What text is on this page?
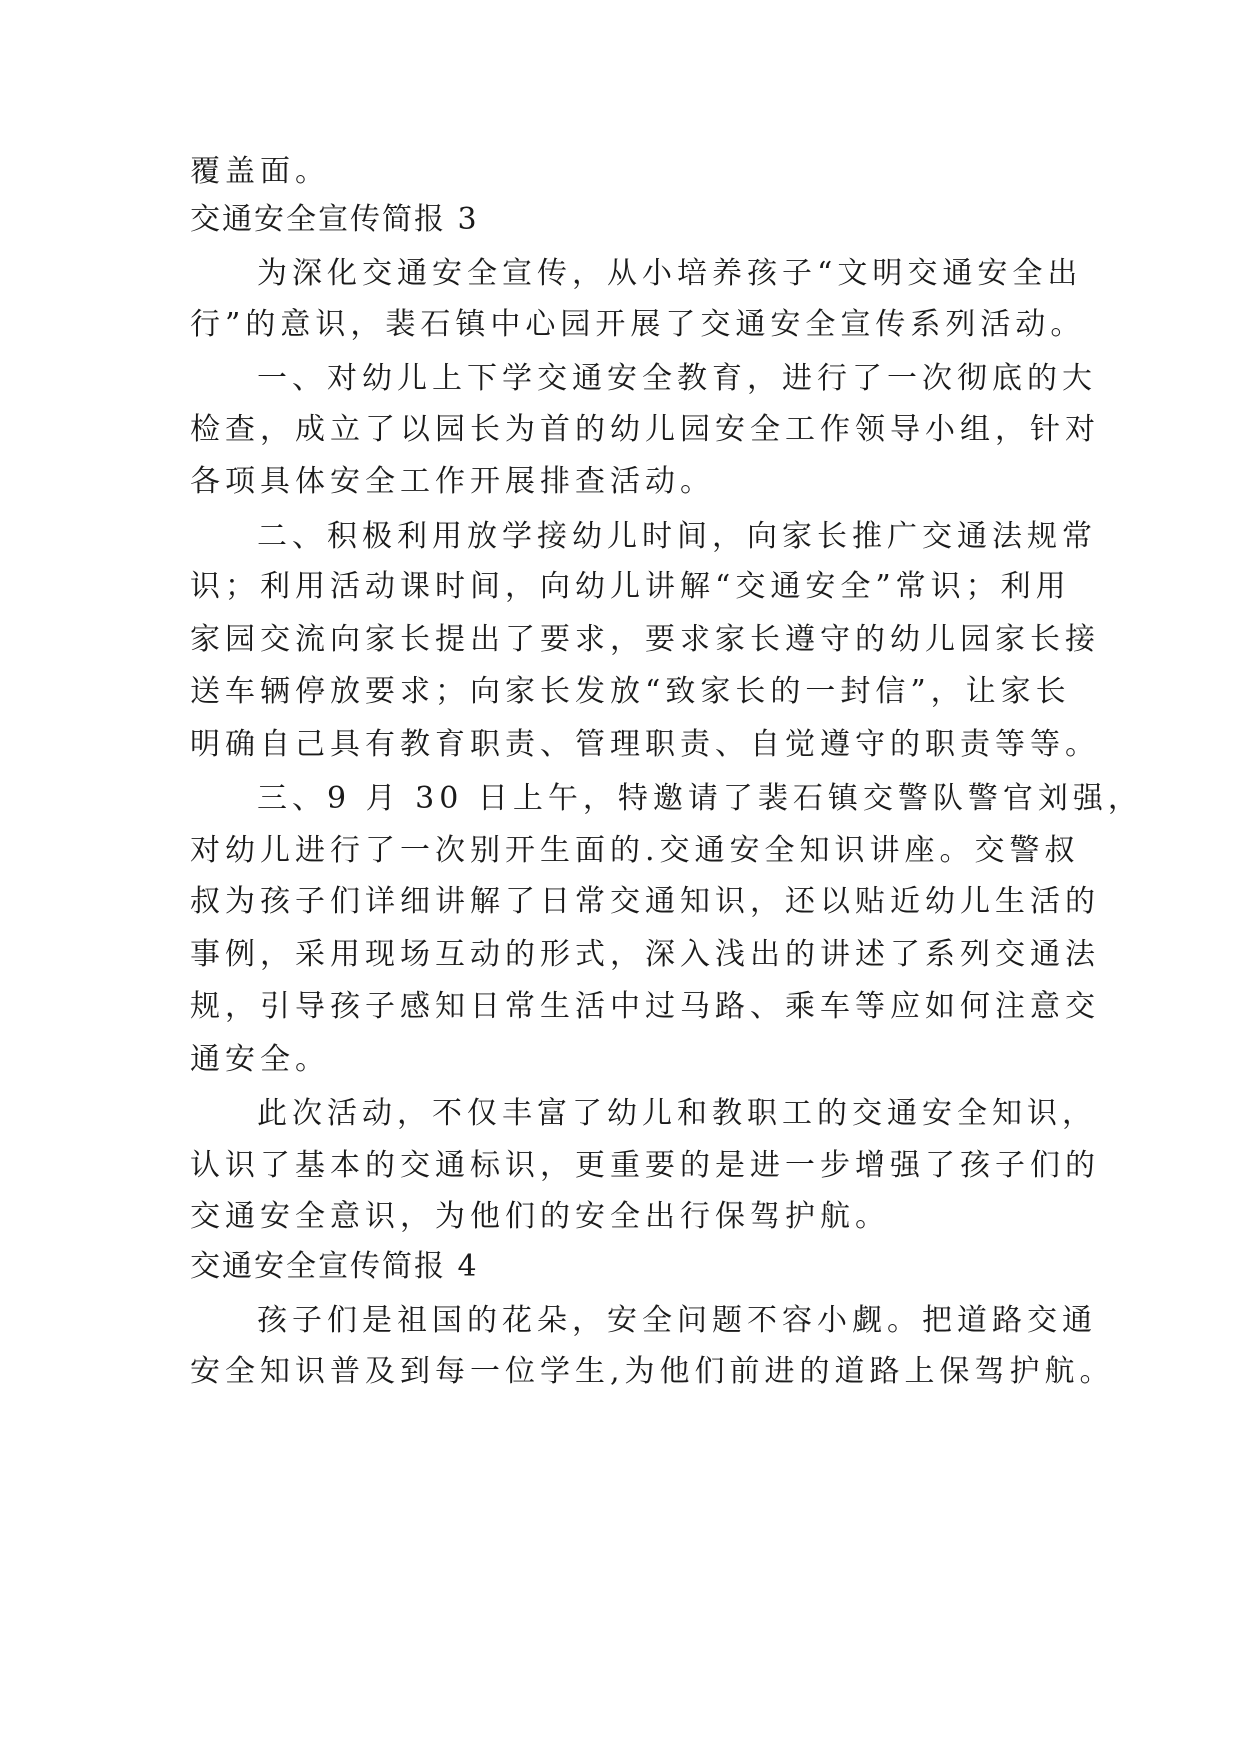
覆盖面。
交通安全宣传简报 3
为深化交通安全宣传，从小培养孩子“文明交通安全出
行”的意识，裴石镇中心园开展了交通安全宣传系列活动。
一、对幼儿上下学交通安全教育，进行了一次彻底的大
检查，成立了以园长为首的幼儿园安全工作领导小组，针对
各项具体安全工作开展排查活动。
二、积极利用放学接幼儿时间，向家长推广交通法规常
识；利用活动课时间，向幼儿讲解“交通安全”常识；利用
家园交流向家长提出了要求，要求家长遵守的幼儿园家长接
送车辆停放要求；向家长发放“致家长的一封信”，让家长
明确自己具有教育职责、管理职责、自觉遵守的职责等等。
三、9 月 30 日上午，特邀请了裴石镇交警队警官刘强，
对幼儿进行了一次别开生面的.交通安全知识讲座。交警叔
叔为孩子们详细讲解了日常交通知识，还以贴近幼儿生活的
事例，采用现场互动的形式，深入浅出的讲述了系列交通法
规，引导孩子感知日常生活中过马路、乘车等应如何注意交
通安全。
此次活动，不仅丰富了幼儿和教职工的交通安全知识，
认识了基本的交通标识，更重要的是进一步增强了孩子们的
交通安全意识，为他们的安全出行保驾护航。
交通安全宣传简报 4
孩子们是祖国的花朵，安全问题不容小觑。把道路交通
安全知识普及到每一位学生,为他们前进的道路上保驾护航。
